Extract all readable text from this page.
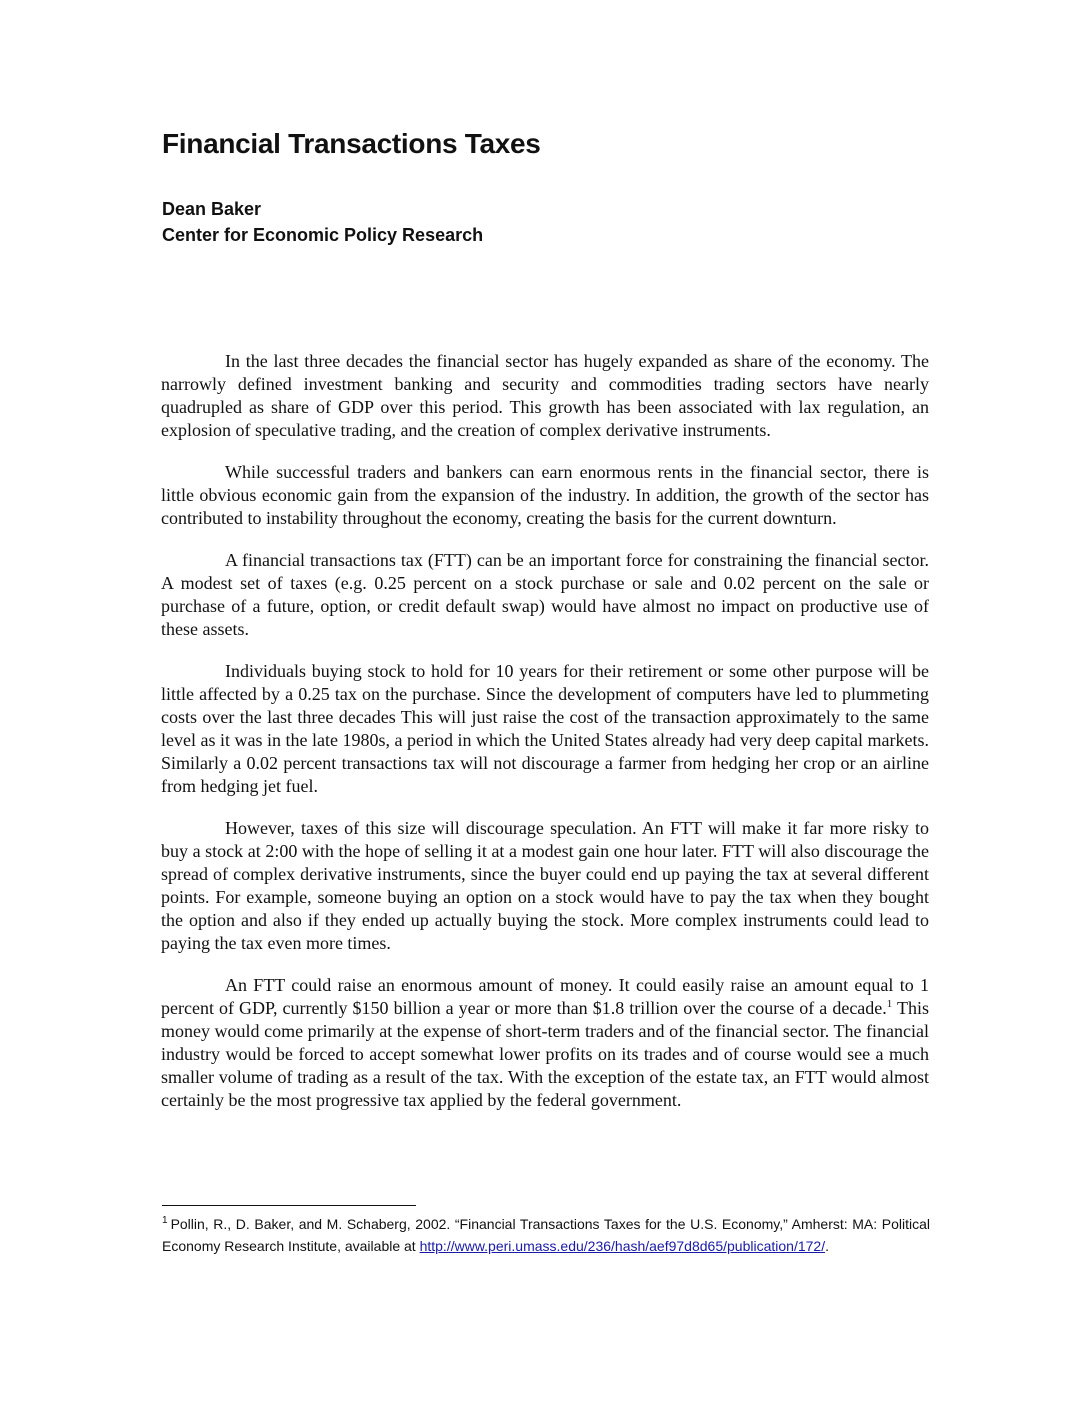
Financial Transactions Taxes
Dean Baker
Center for Economic Policy Research

In the last three decades the financial sector has hugely expanded as share of the economy. The narrowly defined investment banking and security and commodities trading sectors have nearly quadrupled as share of GDP over this period. This growth has been associated with lax regulation, an explosion of speculative trading, and the creation of complex derivative instruments.

While successful traders and bankers can earn enormous rents in the financial sector, there is little obvious economic gain from the expansion of the industry. In addition, the growth of the sector has contributed to instability throughout the economy, creating the basis for the current downturn.

A financial transactions tax (FTT) can be an important force for constraining the financial sector. A modest set of taxes (e.g. 0.25 percent on a stock purchase or sale and 0.02 percent on the sale or purchase of a future, option, or credit default swap) would have almost no impact on productive use of these assets.

Individuals buying stock to hold for 10 years for their retirement or some other purpose will be little affected by a 0.25 tax on the purchase. Since the development of computers have led to plummeting costs over the last three decades This will just raise the cost of the transaction approximately to the same level as it was in the late 1980s, a period in which the United States already had very deep capital markets. Similarly a 0.02 percent transactions tax will not discourage a farmer from hedging her crop or an airline from hedging jet fuel.

However, taxes of this size will discourage speculation. An FTT will make it far more risky to buy a stock at 2:00 with the hope of selling it at a modest gain one hour later. FTT will also discourage the spread of complex derivative instruments, since the buyer could end up paying the tax at several different points. For example, someone buying an option on a stock would have to pay the tax when they bought the option and also if they ended up actually buying the stock. More complex instruments could lead to paying the tax even more times.

An FTT could raise an enormous amount of money. It could easily raise an amount equal to 1 percent of GDP, currently $150 billion a year or more than $1.8 trillion over the course of a decade.$^1$ This money would come primarily at the expense of short-term traders and of the financial sector. The financial industry would be forced to accept somewhat lower profits on its trades and of course would see a much smaller volume of trading as a result of the tax. With the exception of the estate tax, an FTT would almost certainly be the most progressive tax applied by the federal government.

$^1$ Pollin, R., D. Baker, and M. Schaberg, 2002. “Financial Transactions Taxes for the U.S. Economy,” Amherst: MA: Political Economy Research Institute, available at http://www.peri.umass.edu/236/hash/aef97d8d65/publication/172/.
